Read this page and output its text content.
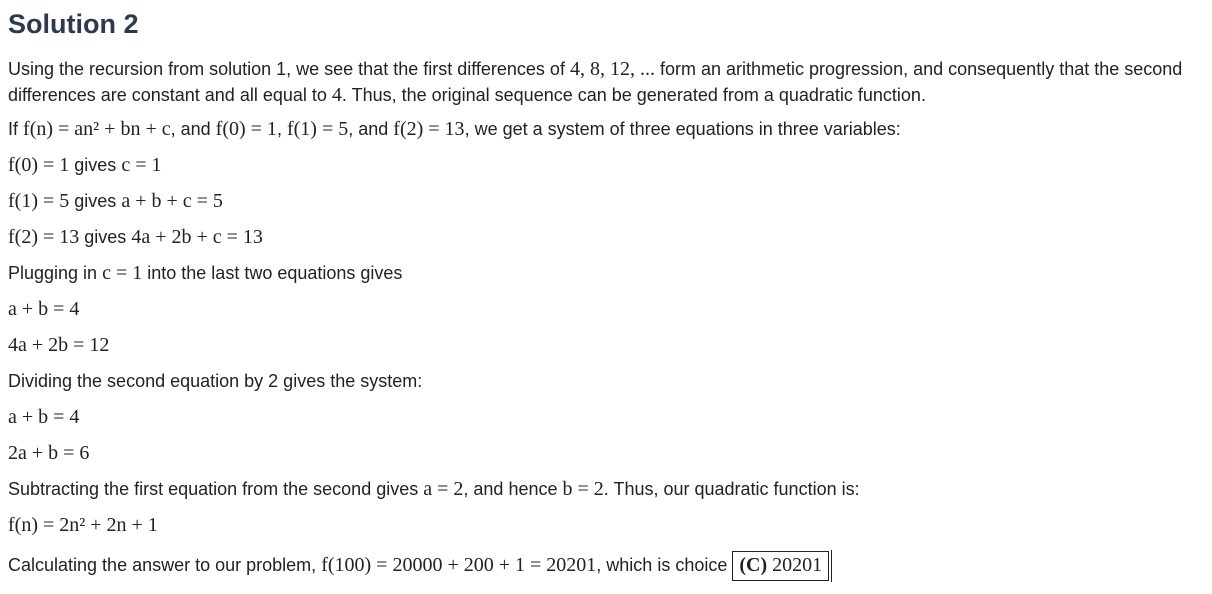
Solution 2

Using the recursion from solution 1, we see that the first differences of 4, 8, 12, ... form an arithmetic progression, and consequently that the second differences are constant and all equal to 4. Thus, the original sequence can be generated from a quadratic function.

If f(n) = an² + bn + c, and f(0) = 1, f(1) = 5, and f(2) = 13, we get a system of three equations in three variables:
f(0) = 1 gives c = 1
f(1) = 5 gives a + b + c = 5
f(2) = 13 gives 4a + 2b + c = 13
Plugging in c = 1 into the last two equations gives
a + b = 4
4a + 2b = 12
Dividing the second equation by 2 gives the system:
a + b = 4
2a + b = 6
Subtracting the first equation from the second gives a = 2, and hence b = 2. Thus, our quadratic function is:
f(n) = 2n² + 2n + 1
Calculating the answer to our problem, f(100) = 20000 + 200 + 1 = 20201, which is choice (C) 20201
